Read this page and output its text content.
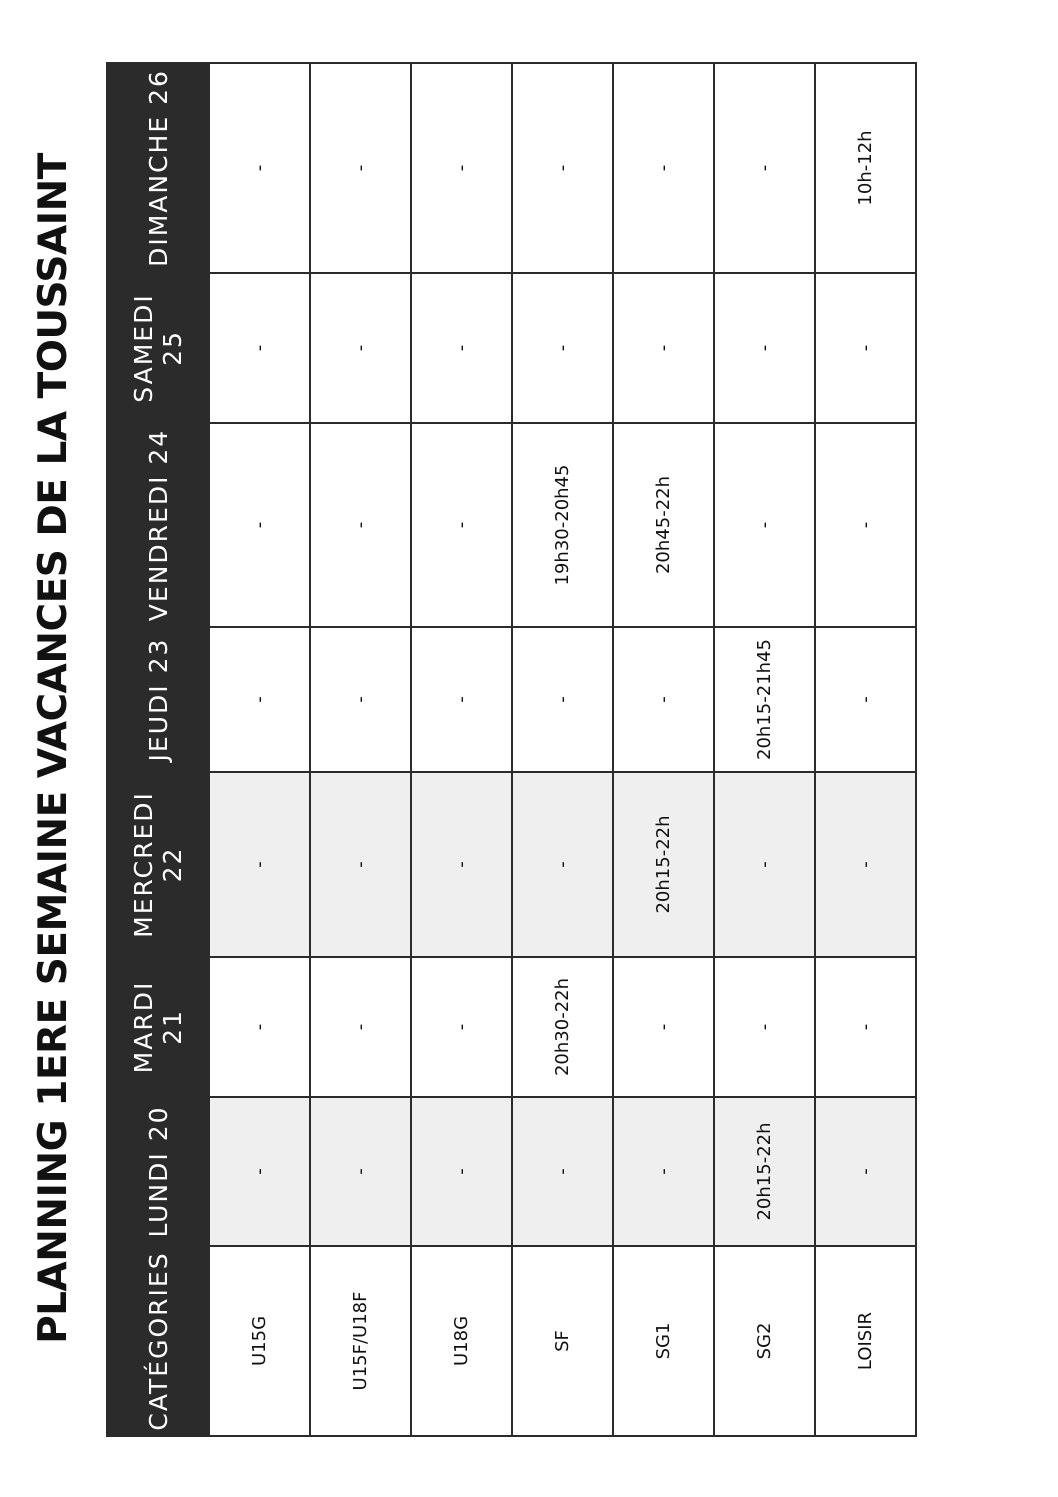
PLANNING 1ERE SEMAINE VACANCES DE LA TOUSSAINT	CATÉGORIES	LUNDI 20	MARDI 21	MERCREDI 22	JEUDI 23	VENDREDI 24	SAMEDI 25	DIMANCHE 26
U15G	-	-	-	-	-	-	-
U15F/U18F	-	-	-	-	-	-	-
U18G	-	-	-	-	-	-	-
SF	-	20h30-22h	-	-	19h30-20h45	-	-
SG1	-	-	20h15-22h	-	20h45-22h	-	-
SG2	20h15-22h	-	-	20h15-21h45	-	-	-
LOISIR	-	-	-	-	-	-	10h-12h
